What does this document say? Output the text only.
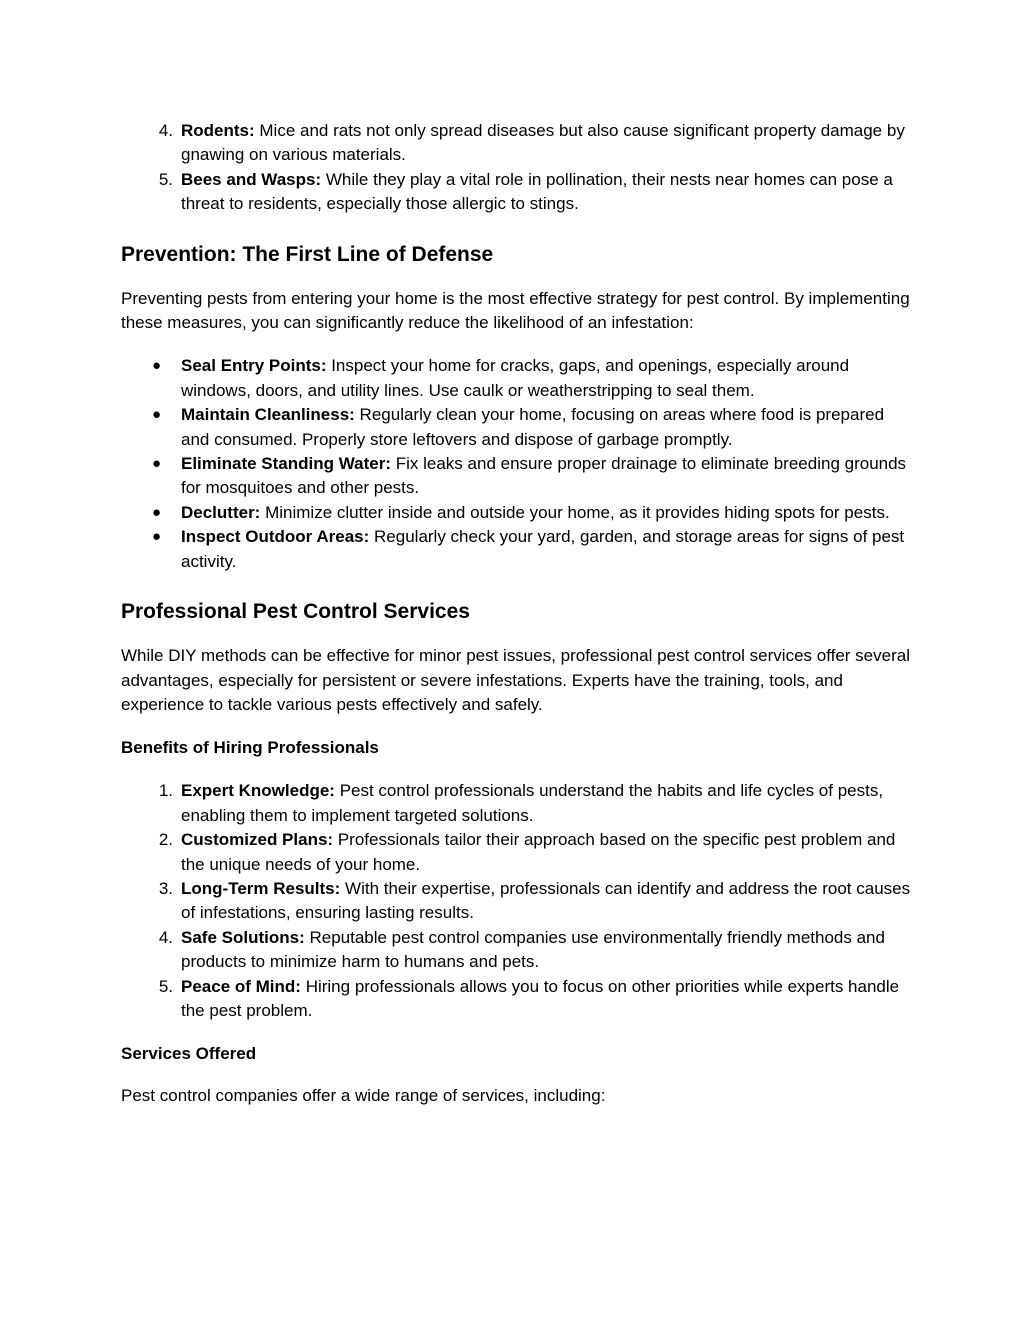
4. Rodents: Mice and rats not only spread diseases but also cause significant property damage by gnawing on various materials.
5. Bees and Wasps: While they play a vital role in pollination, their nests near homes can pose a threat to residents, especially those allergic to stings.
Prevention: The First Line of Defense

Preventing pests from entering your home is the most effective strategy for pest control. By implementing these measures, you can significantly reduce the likelihood of an infestation:

● Seal Entry Points: Inspect your home for cracks, gaps, and openings, especially around windows, doors, and utility lines. Use caulk or weatherstripping to seal them.
● Maintain Cleanliness: Regularly clean your home, focusing on areas where food is prepared and consumed. Properly store leftovers and dispose of garbage promptly.
● Eliminate Standing Water: Fix leaks and ensure proper drainage to eliminate breeding grounds for mosquitoes and other pests.
● Declutter: Minimize clutter inside and outside your home, as it provides hiding spots for pests.
● Inspect Outdoor Areas: Regularly check your yard, garden, and storage areas for signs of pest activity.
Professional Pest Control Services

While DIY methods can be effective for minor pest issues, professional pest control services offer several advantages, especially for persistent or severe infestations. Experts have the training, tools, and experience to tackle various pests effectively and safely.

Benefits of Hiring Professionals
1. Expert Knowledge: Pest control professionals understand the habits and life cycles of pests, enabling them to implement targeted solutions.
2. Customized Plans: Professionals tailor their approach based on the specific pest problem and the unique needs of your home.
3. Long-Term Results: With their expertise, professionals can identify and address the root causes of infestations, ensuring lasting results.
4. Safe Solutions: Reputable pest control companies use environmentally friendly methods and products to minimize harm to humans and pets.
5. Peace of Mind: Hiring professionals allows you to focus on other priorities while experts handle the pest problem.
Services Offered

Pest control companies offer a wide range of services, including:
